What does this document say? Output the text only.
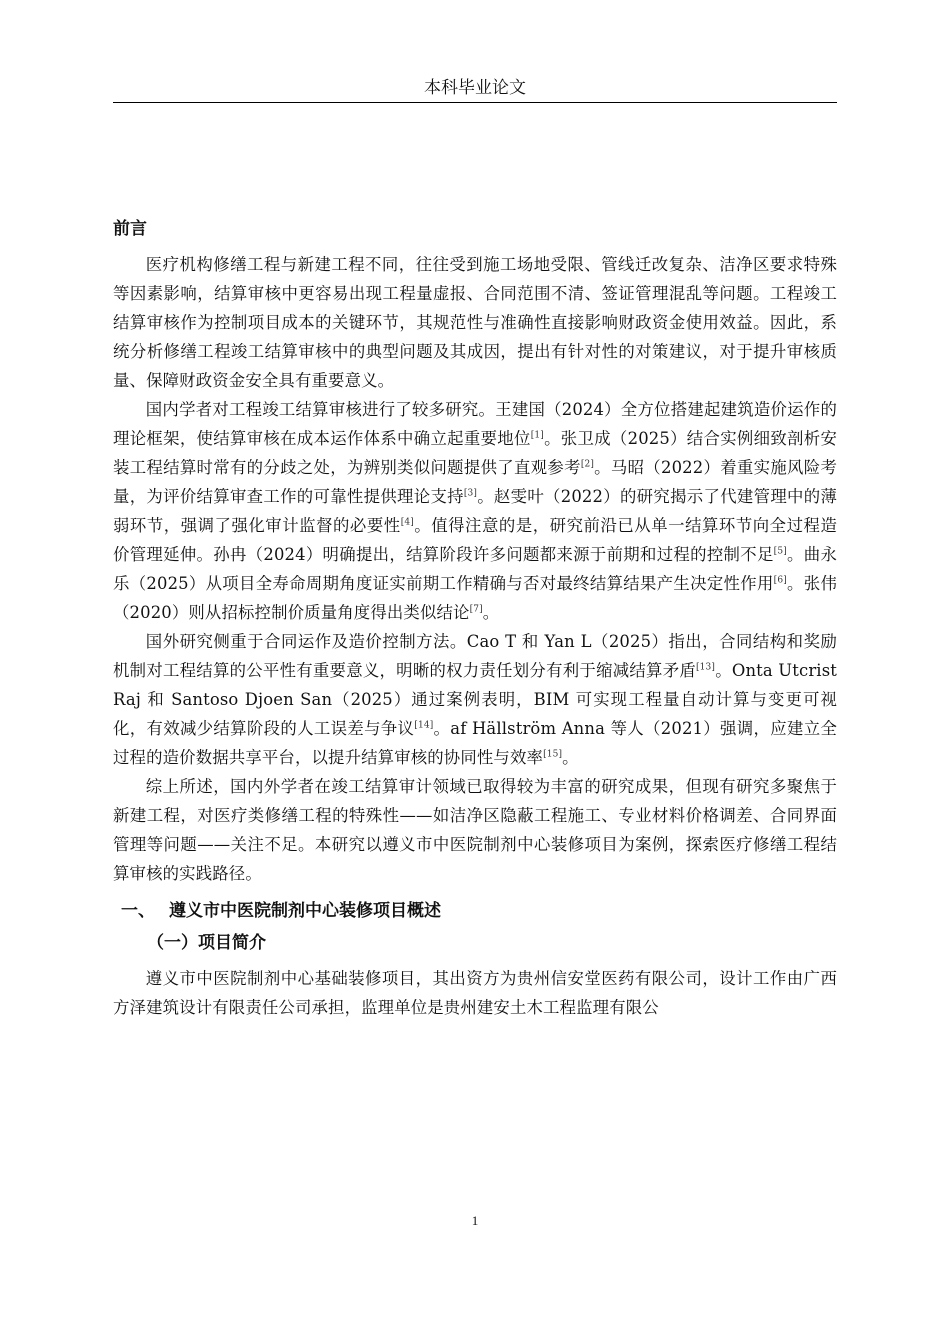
本科毕业论文
前言

医疗机构修缮工程与新建工程不同，往往受到施工场地受限、管线迁改复杂、洁净区要求特殊等因素影响，结算审核中更容易出现工程量虚报、合同范围不清、签证管理混乱等问题。工程竣工结算审核作为控制项目成本的关键环节，其规范性与准确性直接影响财政资金使用效益。因此，系统分析修缮工程竣工结算审核中的典型问题及其成因，提出有针对性的对策建议，对于提升审核质量、保障财政资金安全具有重要意义。

国内学者对工程竣工结算审核进行了较多研究。王建国（2024）全方位搭建起建筑造价运作的理论框架，使结算审核在成本运作体系中确立起重要地位[1]。张卫成（2025）结合实例细致剖析安装工程结算时常有的分歧之处，为辨别类似问题提供了直观参考[2]。马昭（2022）着重实施风险考量，为评价结算审查工作的可靠性提供理论支持[3]。赵雯叶（2022）的研究揭示了代建管理中的薄弱环节，强调了强化审计监督的必要性[4]。值得注意的是，研究前沿已从单一结算环节向全过程造价管理延伸。孙冉（2024）明确提出，结算阶段许多问题都来源于前期和过程的控制不足[5]。曲永乐（2025）从项目全寿命周期角度证实前期工作精确与否对最终结算结果产生决定性作用[6]。张伟（2020）则从招标控制价质量角度得出类似结论[7]。

国外研究侧重于合同运作及造价控制方法。Cao T 和 Yan L（2025）指出，合同结构和奖励机制对工程结算的公平性有重要意义，明晰的权力责任划分有利于缩减结算矛盾[13]。Onta Utcrist Raj 和 Santoso Djoen San（2025）通过案例表明，BIM 可实现工程量自动计算与变更可视化，有效减少结算阶段的人工误差与争议[14]。af Hällström Anna 等人（2021）强调，应建立全过程的造价数据共享平台，以提升结算审核的协同性与效率[15]。

综上所述，国内外学者在竣工结算审计领域已取得较为丰富的研究成果，但现有研究多聚焦于新建工程，对医疗类修缮工程的特殊性——如洁净区隐蔽工程施工、专业材料价格调差、合同界面管理等问题——关注不足。本研究以遵义市中医院制剂中心装修项目为案例，探索医疗修缮工程结算审核的实践路径。

一、 遵义市中医院制剂中心装修项目概述
（一）项目简介

遵义市中医院制剂中心基础装修项目，其出资方为贵州信安堂医药有限公司，设计工作由广西方泽建筑设计有限责任公司承担，监理单位是贵州建安土木工程监理有限公

1
